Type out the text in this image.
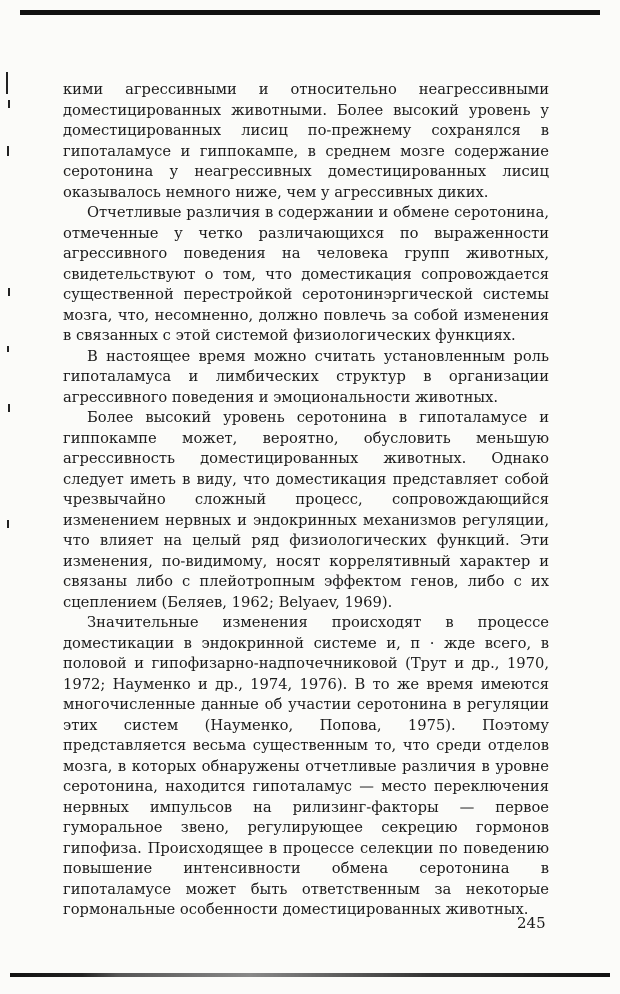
кими агрессивными и относительно неагрессивными доместицированных животными. Более высокий уровень у доместицированных лисиц по-прежнему сохранялся в гипоталамусе и гиппокампе, в среднем мозге содержание серотонина у неагрессивных доместицированных лисиц оказывалось немного ниже, чем у агрессивных диких.

Отчетливые различия в содержании и обмене серотонина, отмеченные у четко различающихся по выраженности агрессивного поведения на человека групп животных, свидетельствуют о том, что доместикация сопровождается существенной перестройкой серотонинэргической системы мозга, что, несомненно, должно повлечь за собой изменения в связанных с этой системой физиологических функциях.

В настоящее время можно считать установленным роль гипоталамуса и лимбических структур в организации агрессивного поведения и эмоциональности животных.

Более высокий уровень серотонина в гипоталамусе и гиппокампе может, вероятно, обусловить меньшую агрессивность доместицированных животных. Однако следует иметь в виду, что доместикация представляет собой чрезвычайно сложный процесс, сопровождающийся изменением нервных и эндокринных механизмов регуляции, что влияет на целый ряд физиологических функций. Эти изменения, по-видимому, носят коррелятивный характер и связаны либо с плейотропным эффектом генов, либо с их сцеплением (Беляев, 1962; Belyaev, 1969).

Значительные изменения происходят в процессе доместикации в эндокринной системе и, п · жде всего, в половой и гипофизарно-надпочечниковой (Трут и др., 1970, 1972; Науменко и др., 1974, 1976). В то же время имеются многочисленные данные об участии серотонина в регуляции этих систем (Науменко, Попова, 1975). Поэтому представляется весьма существенным то, что среди отделов мозга, в которых обнаружены отчетливые различия в уровне серотонина, находится гипоталамус — место переключения нервных импульсов на рилизинг-факторы — первое гуморальное звено, регулирующее секрецию гормонов гипофиза. Происходящее в процессе селекции по поведению повышение интенсивности обмена серотонина в гипоталамусе может быть ответственным за некоторые гормональные особенности доместицированных животных.

245
